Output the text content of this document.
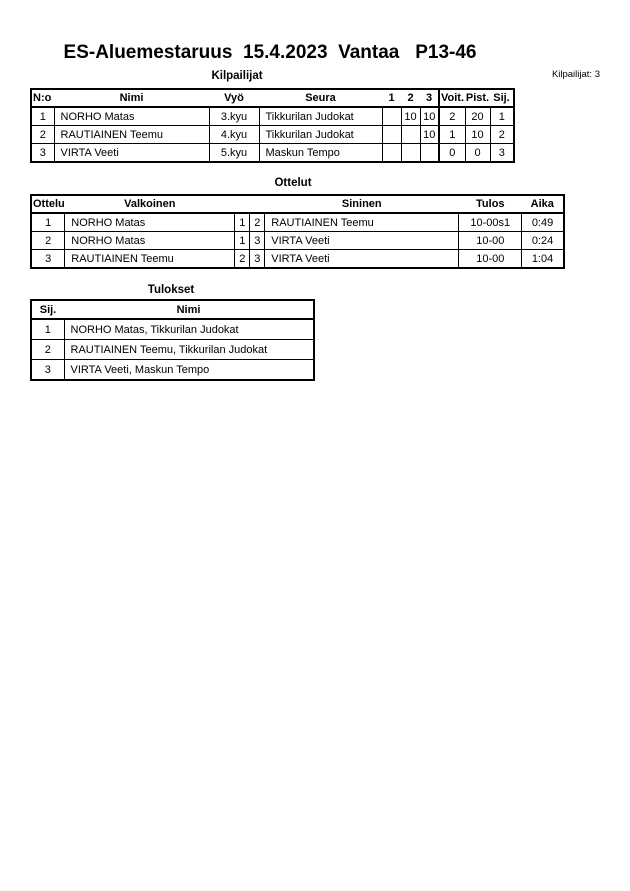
ES-Aluemestaruus  15.4.2023  Vantaa   P13-46
Kilpailijat	Kilpailijat: 3
N:o	Nimi	Vyö	Seura	1	2	3	Voit.	Pist.	Sij.
1	NORHO Matas	3.kyu	Tikkurilan Judokat		10	10	2	20	1
2	RAUTIAINEN Teemu	4.kyu	Tikkurilan Judokat			10	1	10	2
3	VIRTA Veeti	5.kyu	Maskun Tempo				0	0	3
Ottelut
Ottelu	Valkoinen			Sininen	Tulos	Aika
1	NORHO Matas	1	2	RAUTIAINEN Teemu	10-00s1	0:49
2	NORHO Matas	1	3	VIRTA Veeti	10-00	0:24
3	RAUTIAINEN Teemu	2	3	VIRTA Veeti	10-00	1:04
Tulokset
Sij.	Nimi
1	NORHO Matas, Tikkurilan Judokat
2	RAUTIAINEN Teemu, Tikkurilan Judokat
3	VIRTA Veeti, Maskun Tempo
